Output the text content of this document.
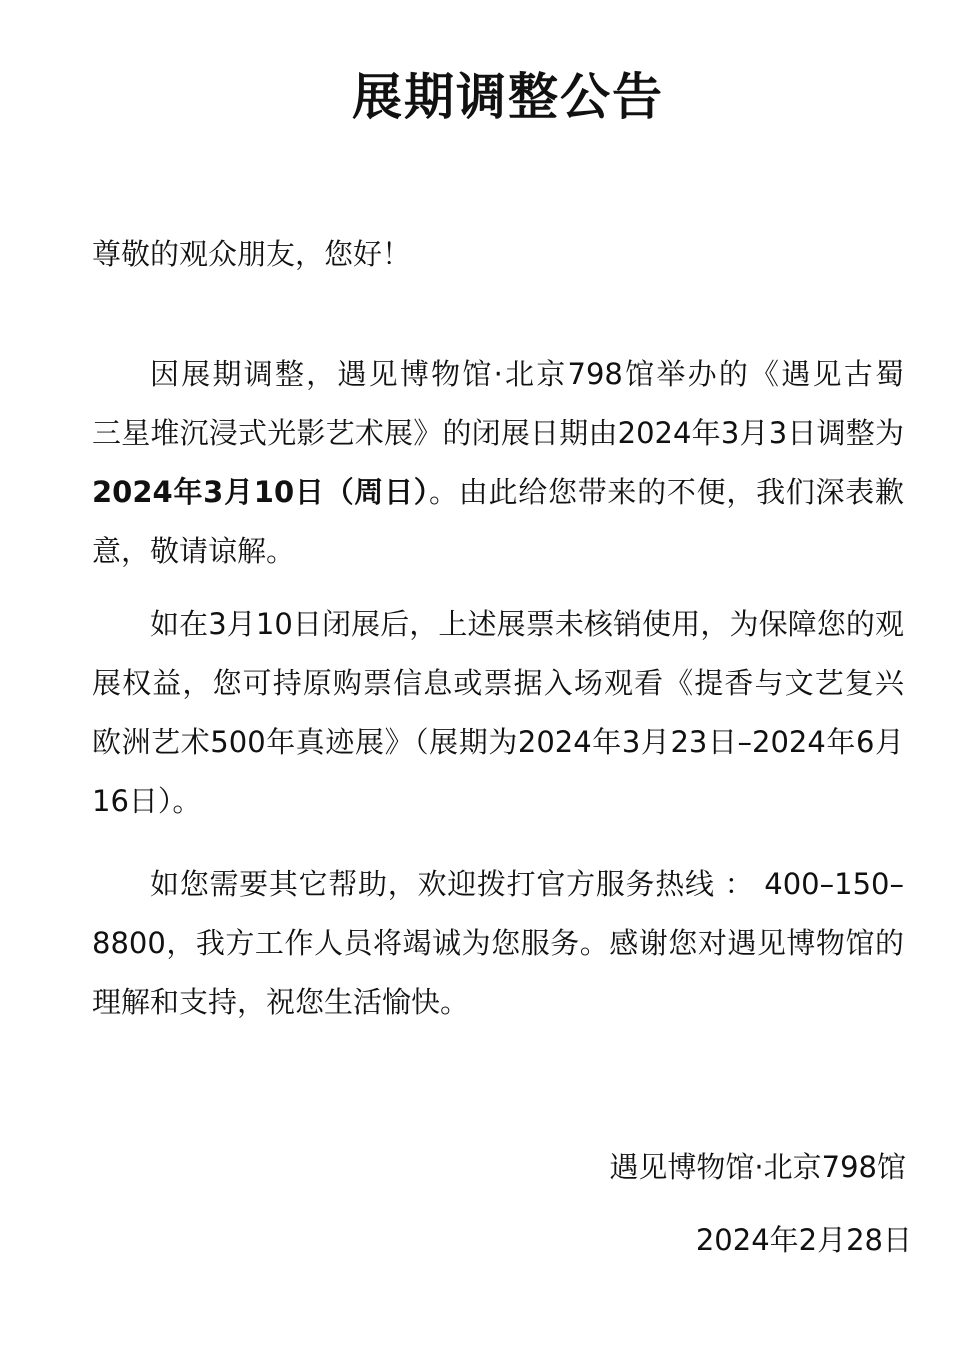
展期调整公告

尊敬的观众朋友，您好！

因展期调整，遇见博物馆·北京798馆举办的《遇见古蜀　三星堆沉浸式光影艺术展》的闭展日期由2024年3月3日调整为2024年3月10日（周日）。由此给您带来的不便，我们深表歉意，敬请谅解。

如在3月10日闭展后，上述展票未核销使用，为保障您的观展权益，您可持原购票信息或票据入场观看《提香与文艺复兴 欧洲艺术500年真迹展》（展期为2024年3月23日–2024年6月16日）。

如您需要其它帮助，欢迎拨打官方服务热线 ： 400–150–8800，我方工作人员将竭诚为您服务。感谢您对遇见博物馆的理解和支持，祝您生活愉快。

遇见博物馆·北京798馆

2024年2月28日
